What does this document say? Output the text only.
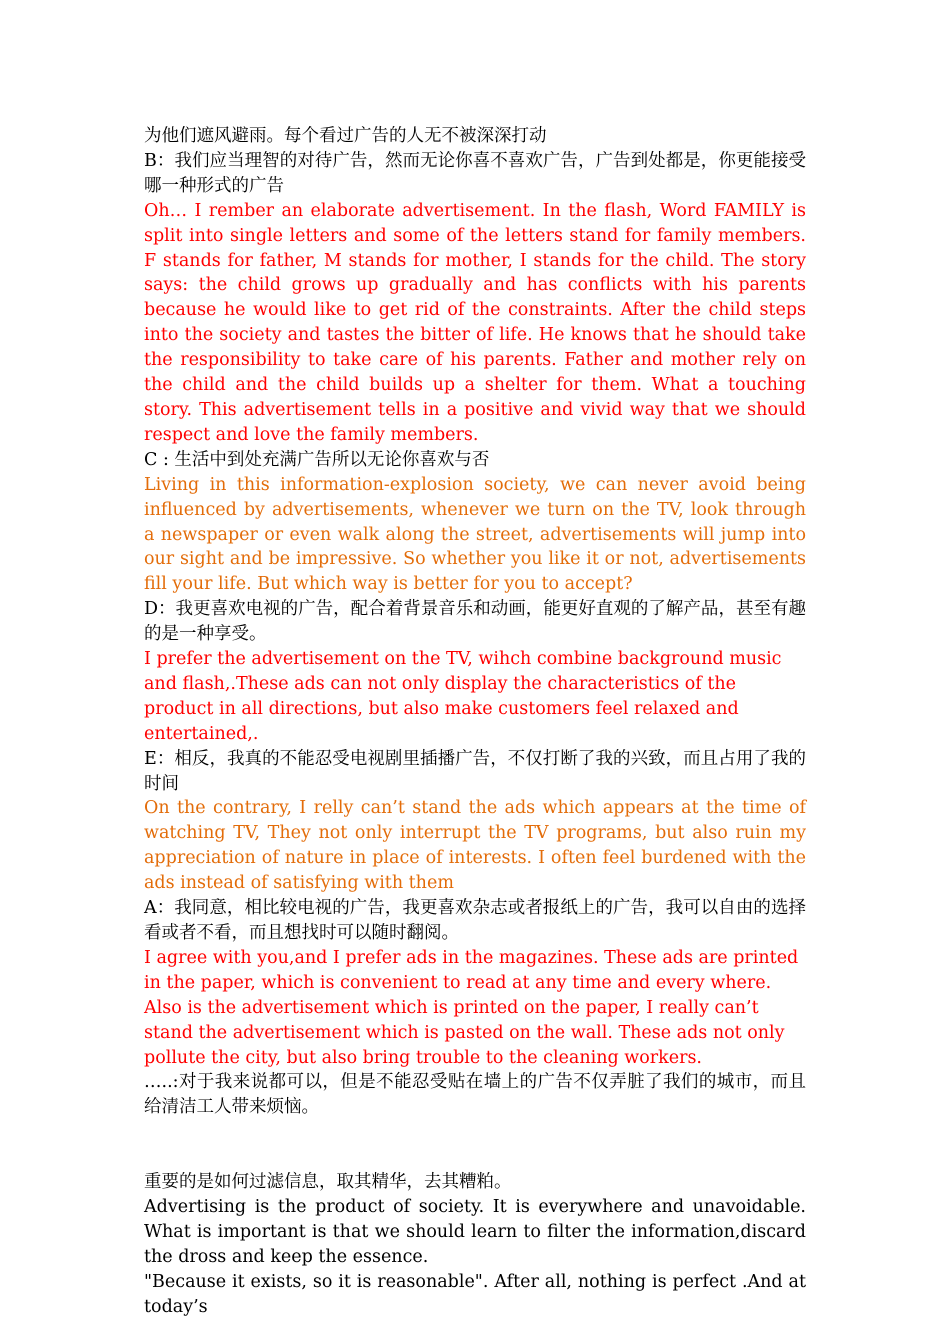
为他们遮风避雨。每个看过广告的人无不被深深打动

B：我们应当理智的对待广告，然而无论你喜不喜欢广告，广告到处都是，你更能接受哪一种形式的广告

Oh… I rember an elaborate advertisement. In the flash, Word FAMILY is split into single letters and some of the letters stand for family members. F stands for father, M stands for mother, I stands for the child. The story says: the child grows up gradually and has conflicts with his parents because he would like to get rid of the constraints. After the child steps into the society and tastes the bitter of life. He knows that he should take the responsibility to take care of his parents. Father and mother rely on the child and the child builds up a shelter for them. What a touching story. This advertisement tells in a positive and vivid way that we should respect and love the family members.

C : 生活中到处充满广告所以无论你喜欢与否

Living in this information-explosion society, we can never avoid being influenced by advertisements, whenever we turn on the TV, look through a newspaper or even walk along the street, advertisements will jump into our sight and be impressive. So whether you like it or not, advertisements fill your life. But which way is better for you to accept?

D：我更喜欢电视的广告，配合着背景音乐和动画，能更好直观的了解产品，甚至有趣的是一种享受。

I prefer the advertisement on the TV, wihch combine background music and flash,.These ads can not only display the characteristics of the product in all directions, but also make customers feel relaxed and entertained,.

E：相反，我真的不能忍受电视剧里插播广告，不仅打断了我的兴致，而且占用了我的时间

On the contrary, I relly can’t stand the ads which appears at the time of watching TV, They not only interrupt the TV programs, but also ruin my appreciation of nature in place of interests. I often feel burdened with the ads instead of satisfying with them

A：我同意，相比较电视的广告，我更喜欢杂志或者报纸上的广告，我可以自由的选择看或者不看，而且想找时可以随时翻阅。

I agree with you,and I prefer ads in the magazines. These ads are printed in the paper, which is convenient to read at any time and every where. Also is the advertisement which is printed on the paper, I really can’t stand the advertisement which is pasted on the wall. These ads not only pollute the city, but also bring trouble to the cleaning workers.

…..:对于我来说都可以，但是不能忍受贴在墙上的广告不仅弄脏了我们的城市，而且给清洁工人带来烦恼。

重要的是如何过滤信息，取其精华，去其糟粕。

Advertising is the product of society. It is everywhere and unavoidable. What is important is that we should learn to filter the information,discard the dross and keep the essence.

"Because it exists, so it is reasonable". After all, nothing is perfect .And at today’s
